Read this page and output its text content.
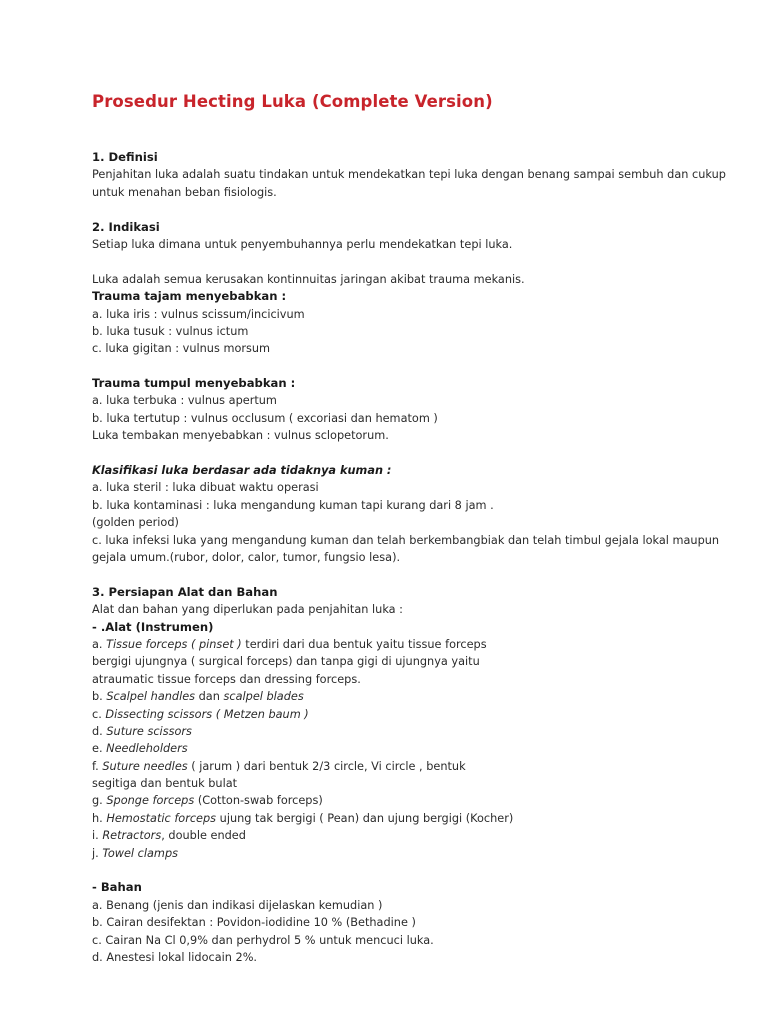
Prosedur Hecting Luka (Complete Version)
1. Definisi
Penjahitan luka adalah suatu tindakan untuk mendekatkan tepi luka dengan benang sampai sembuh dan cukup
untuk menahan beban fisiologis.
2. Indikasi
Setiap luka dimana untuk penyembuhannya perlu mendekatkan tepi luka.
Luka adalah semua kerusakan kontinnuitas jaringan akibat trauma mekanis.
Trauma tajam menyebabkan :
a. luka iris : vulnus scissum/incicivum
b. luka tusuk : vulnus ictum
c. luka gigitan : vulnus morsum
Trauma tumpul menyebabkan :
a. luka terbuka : vulnus apertum
b. luka tertutup : vulnus occlusum ( excoriasi dan hematom )
Luka tembakan menyebabkan : vulnus sclopetorum.
Klasifikasi luka berdasar ada tidaknya kuman :
a. luka steril : luka dibuat waktu operasi
b. luka kontaminasi : luka mengandung kuman tapi kurang dari 8 jam .
(golden period)
c. luka infeksi luka yang mengandung kuman dan telah berkembangbiak dan telah timbul gejala lokal maupun
gejala umum.(rubor, dolor, calor, tumor, fungsio lesa).
3. Persiapan Alat dan Bahan
Alat dan bahan yang diperlukan pada penjahitan luka :
- .Alat (Instrumen)
a. Tissue forceps ( pinset ) terdiri dari dua bentuk yaitu tissue forceps
bergigi ujungnya ( surgical forceps) dan tanpa gigi di ujungnya yaitu
atraumatic tissue forceps dan dressing forceps.
b. Scalpel handles dan scalpel blades
c. Dissecting scissors ( Metzen baum )
d. Suture scissors
e. Needleholders
f. Suture needles ( jarum ) dari bentuk 2/3 circle, Vi circle , bentuk
segitiga dan bentuk bulat
g. Sponge forceps (Cotton-swab forceps)
h. Hemostatic forceps ujung tak bergigi ( Pean) dan ujung bergigi (Kocher)
i. Retractors, double ended
j. Towel clamps
- Bahan
a. Benang (jenis dan indikasi dijelaskan kemudian )
b. Cairan desifektan : Povidon-iodidine 10 % (Bethadine )
c. Cairan Na Cl 0,9% dan perhydrol 5 % untuk mencuci luka.
d. Anestesi lokal lidocain 2%.
